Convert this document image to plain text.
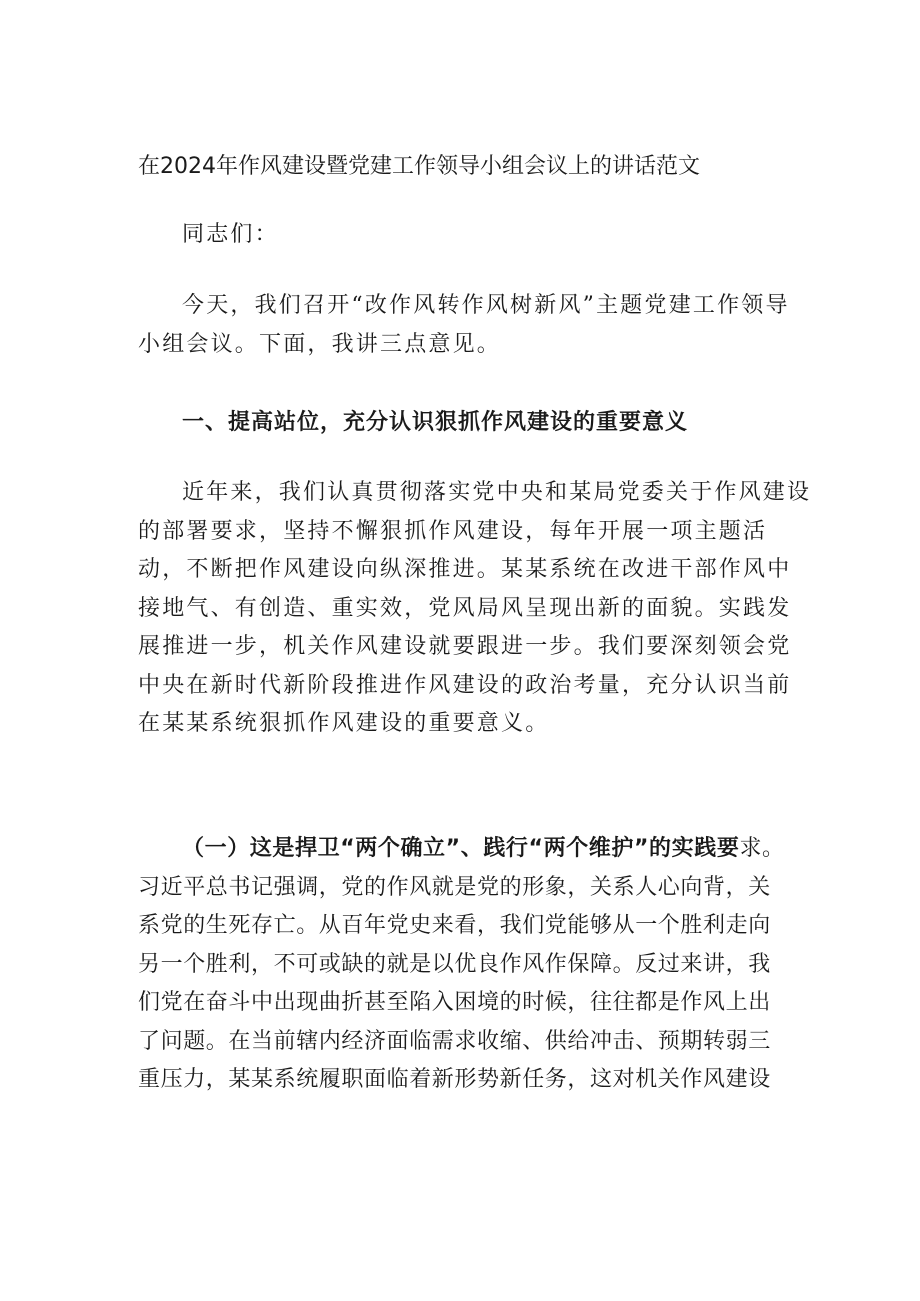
在2024年作风建设暨党建工作领导小组会议上的讲话范文

同志们：

今天，我们召开“改作风转作风树新风”主题党建工作领导
小组会议。下面，我讲三点意见。

一、提高站位，充分认识狠抓作风建设的重要意义

近年来，我们认真贯彻落实党中央和某局党委关于作风建设
的部署要求，坚持不懈狠抓作风建设，每年开展一项主题活
动，不断把作风建设向纵深推进。某某系统在改进干部作风中
接地气、有创造、重实效，党风局风呈现出新的面貌。实践发
展推进一步，机关作风建设就要跟进一步。我们要深刻领会党
中央在新时代新阶段推进作风建设的政治考量，充分认识当前
在某某系统狠抓作风建设的重要意义。

（一）这是捍卫“两个确立”、践行“两个维护”的实践要求。
习近平总书记强调，党的作风就是党的形象，关系人心向背，关
系党的生死存亡。从百年党史来看，我们党能够从一个胜利走向
另一个胜利，不可或缺的就是以优良作风作保障。反过来讲，我
们党在奋斗中出现曲折甚至陷入困境的时候，往往都是作风上出
了问题。在当前辖内经济面临需求收缩、供给冲击、预期转弱三
重压力，某某系统履职面临着新形势新任务，这对机关作风建设
